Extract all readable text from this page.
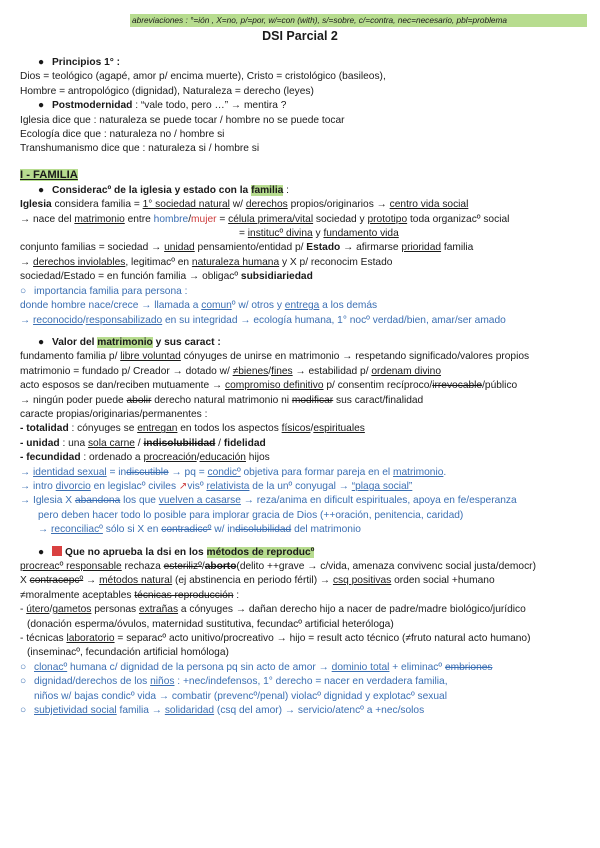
abreviaciones : °=ión , X=no, p/=por, w/=con (with), s/=sobre, c/=contra, nec=necesario, pbl=problema
DSI Parcial 2
● Principios 1° :
Dios = teológico (agapé, amor p/ encima muerte), Cristo = cristológico (basileos),
Hombre = antropológico (dignidad), Naturaleza = derecho (leyes)
● Postmodernidad : “vale todo, pero …” → mentira ?
Iglesia dice que : naturaleza se puede tocar / hombre no se puede tocar
Ecología dice que : naturaleza no / hombre si
Transhumanismo dice que : naturaleza si / hombre si
I - FAMILIA
● Consideracº de la iglesia y estado con la familia :
Iglesia considera familia = 1° sociedad natural w/ derechos propios/originarios → centro vida social
→ nace del matrimonio entre hombre/mujer = célula primera/vital sociedad y prototipo toda organizacº social
= institucº divina y fundamento vida
conjunto familias = sociedad → unidad pensamiento/entidad p/ Estado → afirmarse prioridad familia
→ derechos inviolables, legitimacº en naturaleza humana y X p/ reconocim Estado
sociedad/Estado = en función familia → obligacº subsidiariedad
○ importancia familia para persona :
donde hombre nace/crece → llamada a comunº w/ otros y entrega a los demás
→ reconocido/responsabilizado en su integridad → ecología humana, 1° nocº verdad/bien, amar/ser amado
● Valor del matrimonio y sus caract :
fundamento familia p/ libre voluntad cónyuges de unirse en matrimonio → respetando significado/valores propios
matrimonio = fundado p/ Creador → dotado w/ ≠bienes/fines → estabilidad p/ ordenam divino
acto esposos se dan/reciben mutuamente → compromiso definitivo p/ consentim recíproco/irrevocable/público
→ ningún poder puede abolir derecho natural matrimonio ni modificar sus caract/finalidad
caracte propias/originarias/permanentes :
- totalidad : cónyuges se entregan en todos los aspectos físicos/espirituales
- unidad : una sola carne / indisolubilidad / fidelidad
- fecundidad : ordenado a procreación/educación hijos
→ identidad sexual = indiscutible → pq = condicº objetiva para formar pareja en el matrimonio.
→ intro divorcio en legislacº civiles ↗visº relativista de la unº conyugal → “plaga social”
→ Iglesia X abandona los que vuelven a casarse → reza/anima en dificult espirituales, apoya en fe/esperanza
pero deben hacer todo lo posible para implorar gracia de Dios (++oración, penitencia, caridad)
→ reconciliacº sólo si X en contradiccº w/ indisolubilidad del matrimonio
● Que no aprueba la dsi en los métodos de reproducº
procreacº responsable rechaza esterilizº/aborto(delito ++grave → c/vida, amenaza convivenc social justa/democr)
X contracepcº → métodos natural (ej abstinencia en periodo fértil) → csq positivas orden social +humano
≠moralmente aceptables técnicas reproducción :
- útero/gametos personas extrañas a cónyuges → dañan derecho hijo a nacer de padre/madre biológico/jurídico
(donación esperma/óvulos, maternidad sustitutiva, fecundacº artificial heteróloga)
- técnicas laboratorio = separacº acto unitivo/procreativo → hijo = result acto técnico (≠fruto natural acto humano)
(inseminacº, fecundación artificial homóloga)
○ clonacº humana c/ dignidad de la persona pq sin acto de amor → dominio total + eliminacº embriones
○ dignidad/derechos de los niños : +nec/indefensos, 1° derecho = nacer en verdadera familia,
niños w/ bajas condicº vida → combatir (prevencº/penal) violacº dignidad y explotacº sexual
○ subjetividad social familia → solidaridad (csq del amor) → servicio/atencº a +nec/solos
